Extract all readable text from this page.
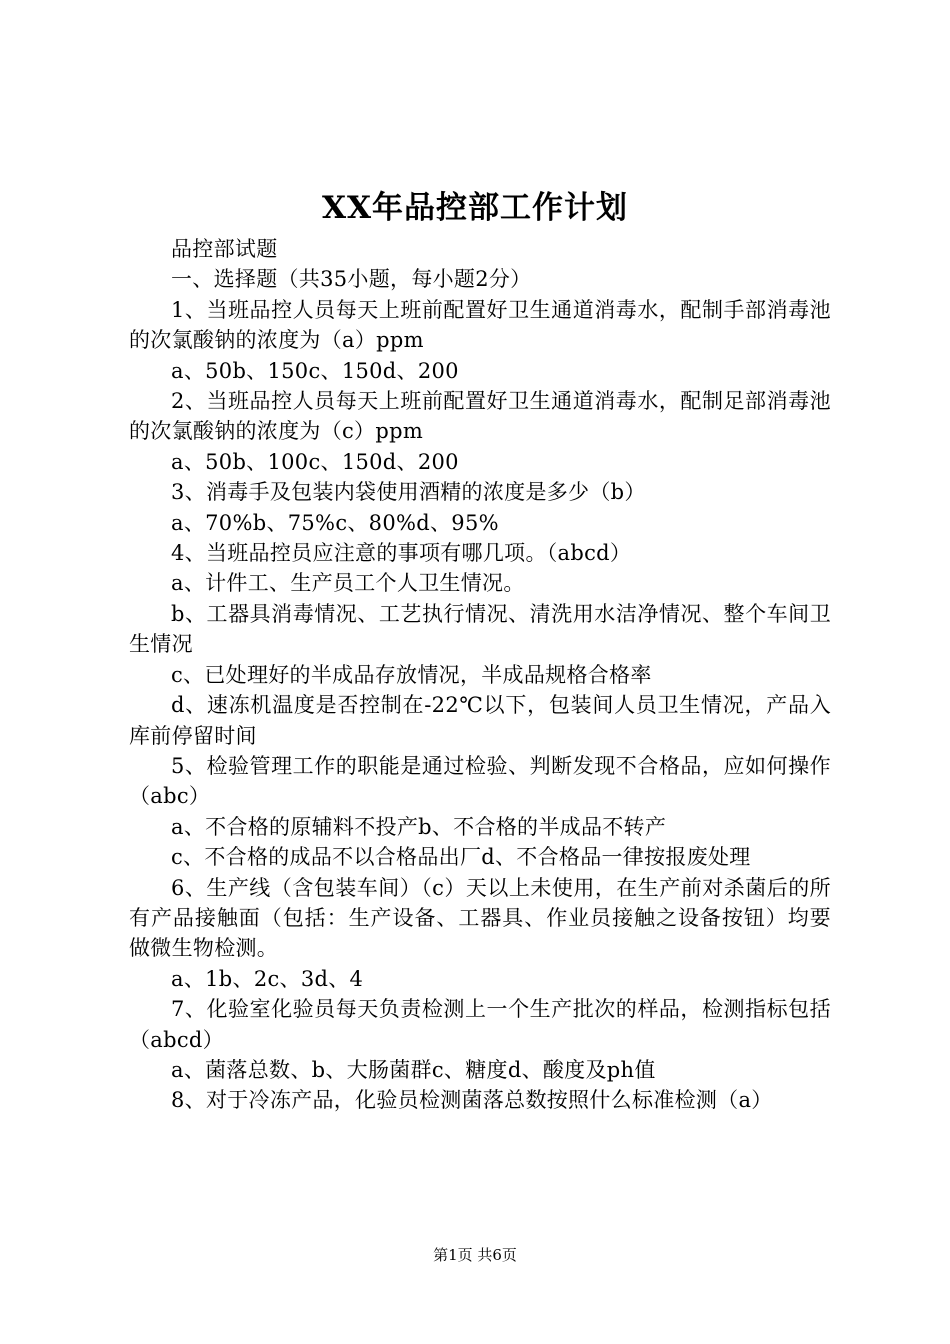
XX年品控部工作计划

品控部试题

一、选择题（共35小题，每小题2分）

1、当班品控人员每天上班前配置好卫生通道消毒水，配制手部消毒池的次氯酸钠的浓度为（a）ppm

a、50b、150c、150d、200

2、当班品控人员每天上班前配置好卫生通道消毒水，配制足部消毒池的次氯酸钠的浓度为（c）ppm

a、50b、100c、150d、200

3、消毒手及包装内袋使用酒精的浓度是多少（b）

a、70%b、75%c、80%d、95%

4、当班品控员应注意的事项有哪几项。（abcd）

a、计件工、生产员工个人卫生情况。

b、工器具消毒情况、工艺执行情况、清洗用水洁净情况、整个车间卫生情况

c、已处理好的半成品存放情况，半成品规格合格率

d、速冻机温度是否控制在-22℃以下，包装间人员卫生情况，产品入库前停留时间

5、检验管理工作的职能是通过检验、判断发现不合格品，应如何操作（abc）

a、不合格的原辅料不投产b、不合格的半成品不转产

c、不合格的成品不以合格品出厂d、不合格品一律按报废处理

6、生产线（含包装车间）（c）天以上未使用，在生产前对杀菌后的所有产品接触面（包括：生产设备、工器具、作业员接触之设备按钮）均要做微生物检测。

a、1b、2c、3d、4

7、化验室化验员每天负责检测上一个生产批次的样品，检测指标包括（abcd）

a、菌落总数、b、大肠菌群c、糖度d、酸度及ph值

8、对于冷冻产品，化验员检测菌落总数按照什么标准检测（a）

第1页 共6页
